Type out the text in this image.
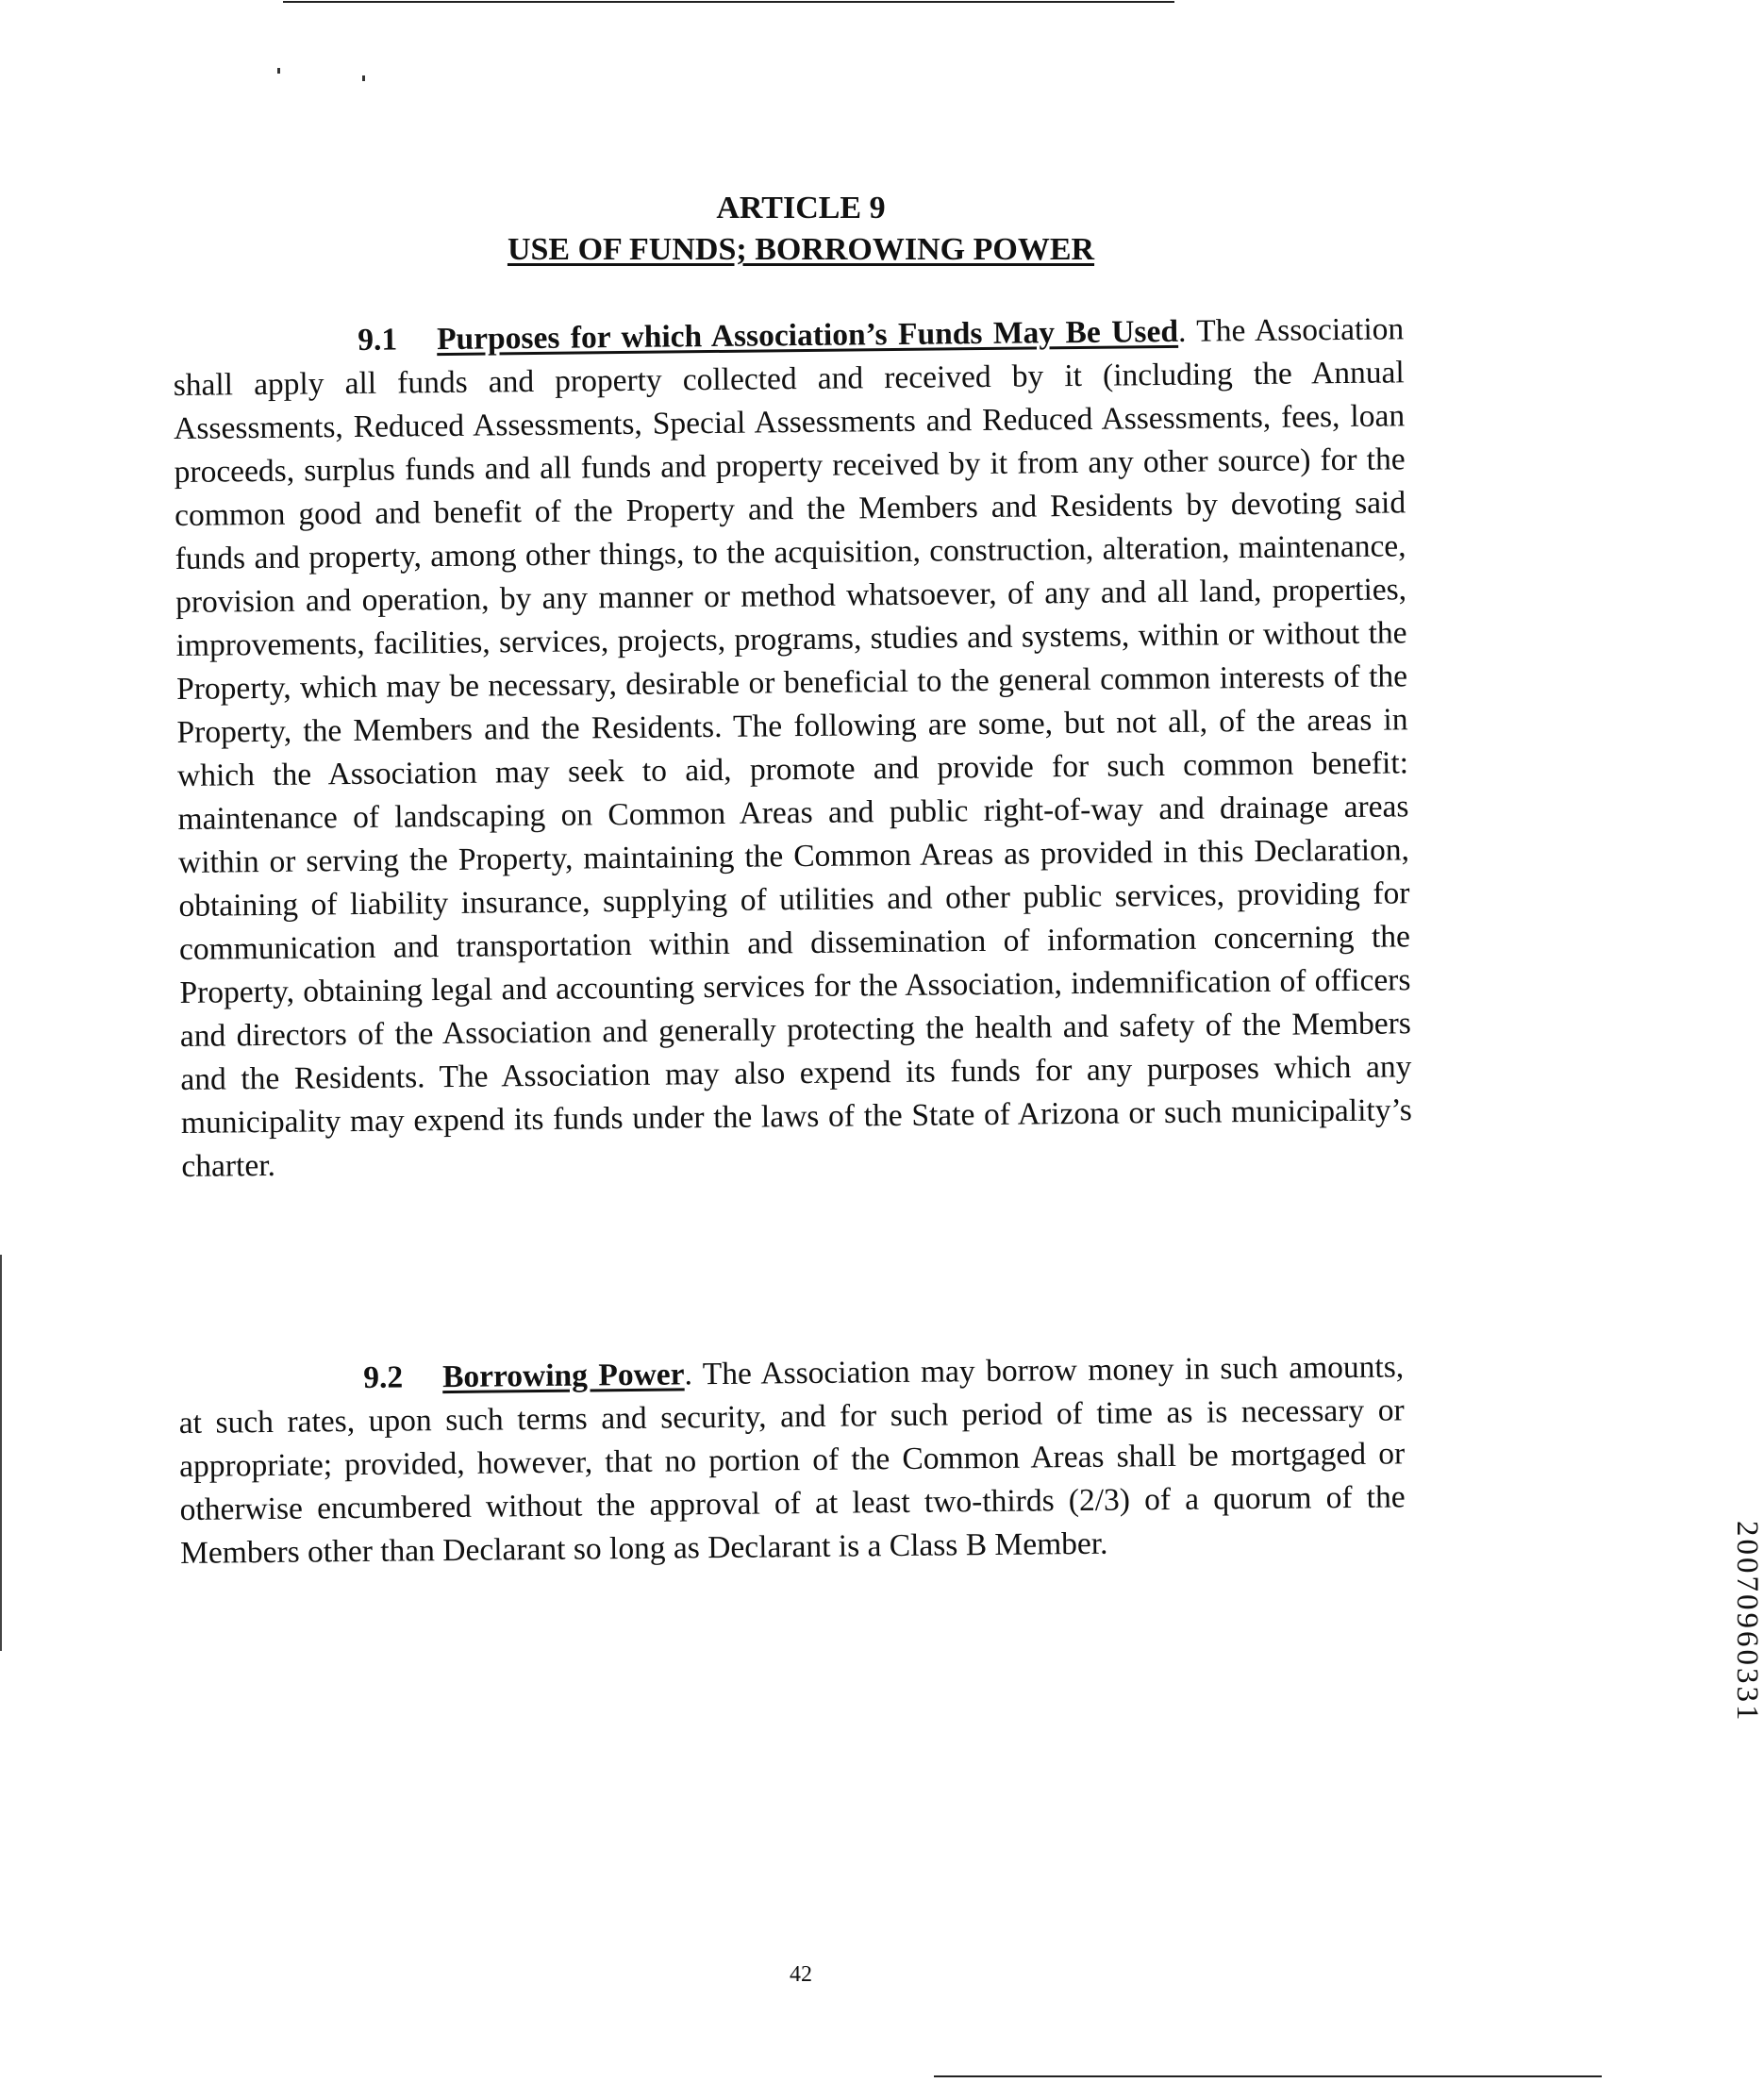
ARTICLE 9
USE OF FUNDS; BORROWING POWER

9.1 Purposes for which Association’s Funds May Be Used. The Association shall apply all funds and property collected and received by it (including the Annual Assessments, Reduced Assessments, Special Assessments and Reduced Assessments, fees, loan proceeds, surplus funds and all funds and property received by it from any other source) for the common good and benefit of the Property and the Members and Residents by devoting said funds and property, among other things, to the acquisition, construction, alteration, maintenance, provision and operation, by any manner or method whatsoever, of any and all land, properties, improvements, facilities, services, projects, programs, studies and systems, within or without the Property, which may be necessary, desirable or beneficial to the general common interests of the Property, the Members and the Residents. The following are some, but not all, of the areas in which the Association may seek to aid, promote and provide for such common benefit: maintenance of landscaping on Common Areas and public right-of-way and drainage areas within or serving the Property, maintaining the Common Areas as provided in this Declaration, obtaining of liability insurance, supplying of utilities and other public services, providing for communication and transportation within and dissemination of information concerning the Property, obtaining legal and accounting services for the Association, indemnification of officers and directors of the Association and generally protecting the health and safety of the Members and the Residents. The Association may also expend its funds for any purposes which any municipality may expend its funds under the laws of the State of Arizona or such municipality’s charter.

9.2 Borrowing Power. The Association may borrow money in such amounts, at such rates, upon such terms and security, and for such period of time as is necessary or appropriate; provided, however, that no portion of the Common Areas shall be mortgaged or otherwise encumbered without the approval of at least two-thirds (2/3) of a quorum of the Members other than Declarant so long as Declarant is a Class B Member.

42

20070960331
